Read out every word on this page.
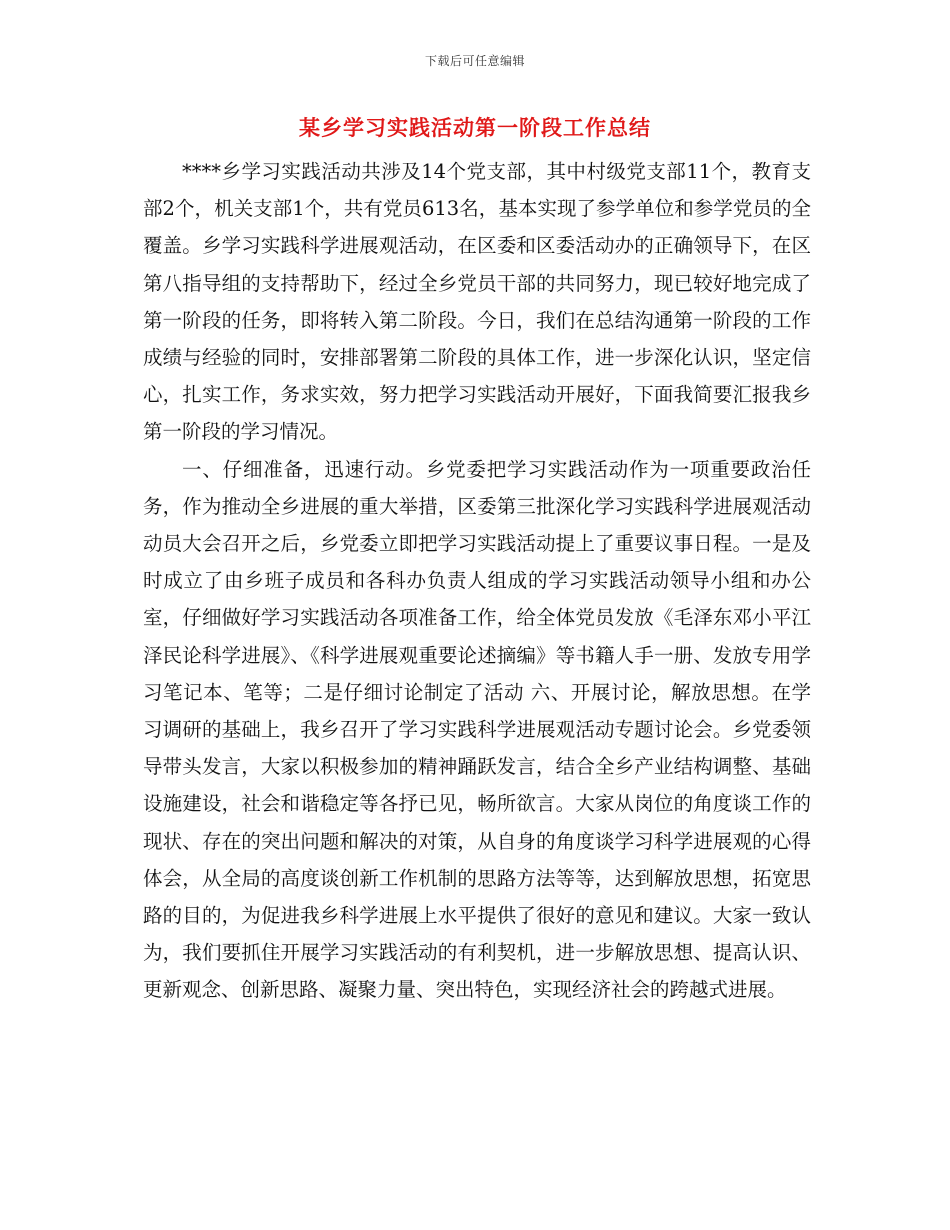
下载后可任意编辑
某乡学习实践活动第一阶段工作总结

****乡学习实践活动共涉及14个党支部，其中村级党支部11个，教育支部2个，机关支部1个，共有党员613名，基本实现了参学单位和参学党员的全覆盖。乡学习实践科学进展观活动，在区委和区委活动办的正确领导下，在区第八指导组的支持帮助下，经过全乡党员干部的共同努力，现已较好地完成了第一阶段的任务，即将转入第二阶段。今日，我们在总结沟通第一阶段的工作成绩与经验的同时，安排部署第二阶段的具体工作，进一步深化认识，坚定信心，扎实工作，务求实效，努力把学习实践活动开展好，下面我简要汇报我乡第一阶段的学习情况。

一、仔细准备，迅速行动。乡党委把学习实践活动作为一项重要政治任务，作为推动全乡进展的重大举措，区委第三批深化学习实践科学进展观活动动员大会召开之后，乡党委立即把学习实践活动提上了重要议事日程。一是及时成立了由乡班子成员和各科办负责人组成的学习实践活动领导小组和办公室，仔细做好学习实践活动各项准备工作，给全体党员发放《毛泽东邓小平江泽民论科学进展》、《科学进展观重要论述摘编》等书籍人手一册、发放专用学习笔记本、笔等；二是仔细讨论制定了活动 六、开展讨论，解放思想。在学习调研的基础上，我乡召开了学习实践科学进展观活动专题讨论会。乡党委领导带头发言，大家以积极参加的精神踊跃发言，结合全乡产业结构调整、基础设施建设，社会和谐稳定等各抒已见，畅所欲言。大家从岗位的角度谈工作的现状、存在的突出问题和解决的对策，从自身的角度谈学习科学进展观的心得体会，从全局的高度谈创新工作机制的思路方法等等，达到解放思想，拓宽思路的目的，为促进我乡科学进展上水平提供了很好的意见和建议。大家一致认为，我们要抓住开展学习实践活动的有利契机，进一步解放思想、提高认识、更新观念、创新思路、凝聚力量、突出特色，实现经济社会的跨越式进展。
